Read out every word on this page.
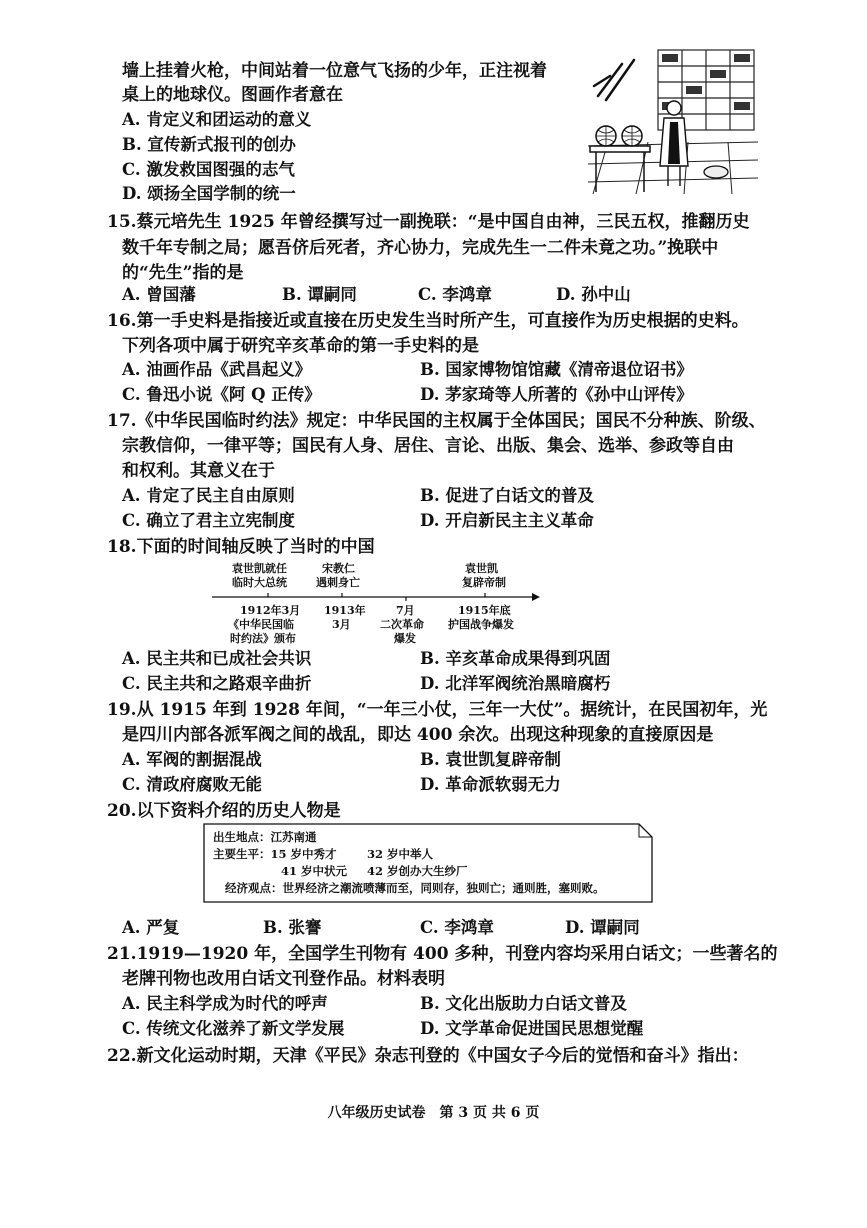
墙上挂着火枪，中间站着一位意气飞扬的少年，正注视着
桌上的地球仪。图画作者意在
A. 肯定义和团运动的意义
B. 宣传新式报刊的创办
C. 激发救国图强的志气
D. 颂扬全国学制的统一
15.蔡元培先生 1925 年曾经撰写过一副挽联：“是中国自由神，三民五权，推翻历史
数千年专制之局；愿吾侪后死者，齐心协力，完成先生一二件未竟之功。”挽联中
的“先生”指的是
A. 曾国藩	B. 谭嗣同	C. 李鸿章	D. 孙中山
16.第一手史料是指接近或直接在历史发生当时所产生，可直接作为历史根据的史料。
下列各项中属于研究辛亥革命的第一手史料的是
A. 油画作品《武昌起义》	B. 国家博物馆馆藏《清帝退位诏书》
C. 鲁迅小说《阿 Q 正传》	D. 茅家琦等人所著的《孙中山评传》
17.《中华民国临时约法》规定：中华民国的主权属于全体国民；国民不分种族、阶级、
宗教信仰，一律平等；国民有人身、居住、言论、出版、集会、选举、参政等自由
和权利。其意义在于
A. 肯定了民主自由原则	B. 促进了白话文的普及
C. 确立了君主立宪制度	D. 开启新民主主义革命
18.下面的时间轴反映了当时的中国
袁世凯就任
临时大总统
宋教仁
遇刺身亡
袁世凯
复辟帝制
1912年3月
《中华民国临
时约法》颁布
1913年
3月
7月
二次革命
爆发
1915年底
护国战争爆发
A. 民主共和已成社会共识	B. 辛亥革命成果得到巩固
C. 民主共和之路艰辛曲折	D. 北洋军阀统治黑暗腐朽
19.从 1915 年到 1928 年间，“一年三小仗，三年一大仗”。据统计，在民国初年，光
是四川内部各派军阀之间的战乱，即达 400 余次。出现这种现象的直接原因是
A. 军阀的割据混战	B. 袁世凯复辟帝制
C. 清政府腐败无能	D. 革命派软弱无力
20.以下资料介绍的历史人物是
出生地点：江苏南通
主要生平：15 岁中秀才	32 岁中举人
41 岁中状元 42 岁创办大生纱厂
经济观点：世界经济之潮流喷薄而至，同则存，独则亡；通则胜，塞则败。
A. 严复	B. 张謇	C. 李鸿章	D. 谭嗣同
21.1919—1920 年，全国学生刊物有 400 多种，刊登内容均采用白话文；一些著名的
老牌刊物也改用白话文刊登作品。材料表明
A. 民主科学成为时代的呼声	B. 文化出版助力白话文普及
C. 传统文化滋养了新文学发展	D. 文学革命促进国民思想觉醒
22.新文化运动时期，天津《平民》杂志刊登的《中国女子今后的觉悟和奋斗》指出：
八年级历史试卷　第 3 页 共 6 页
